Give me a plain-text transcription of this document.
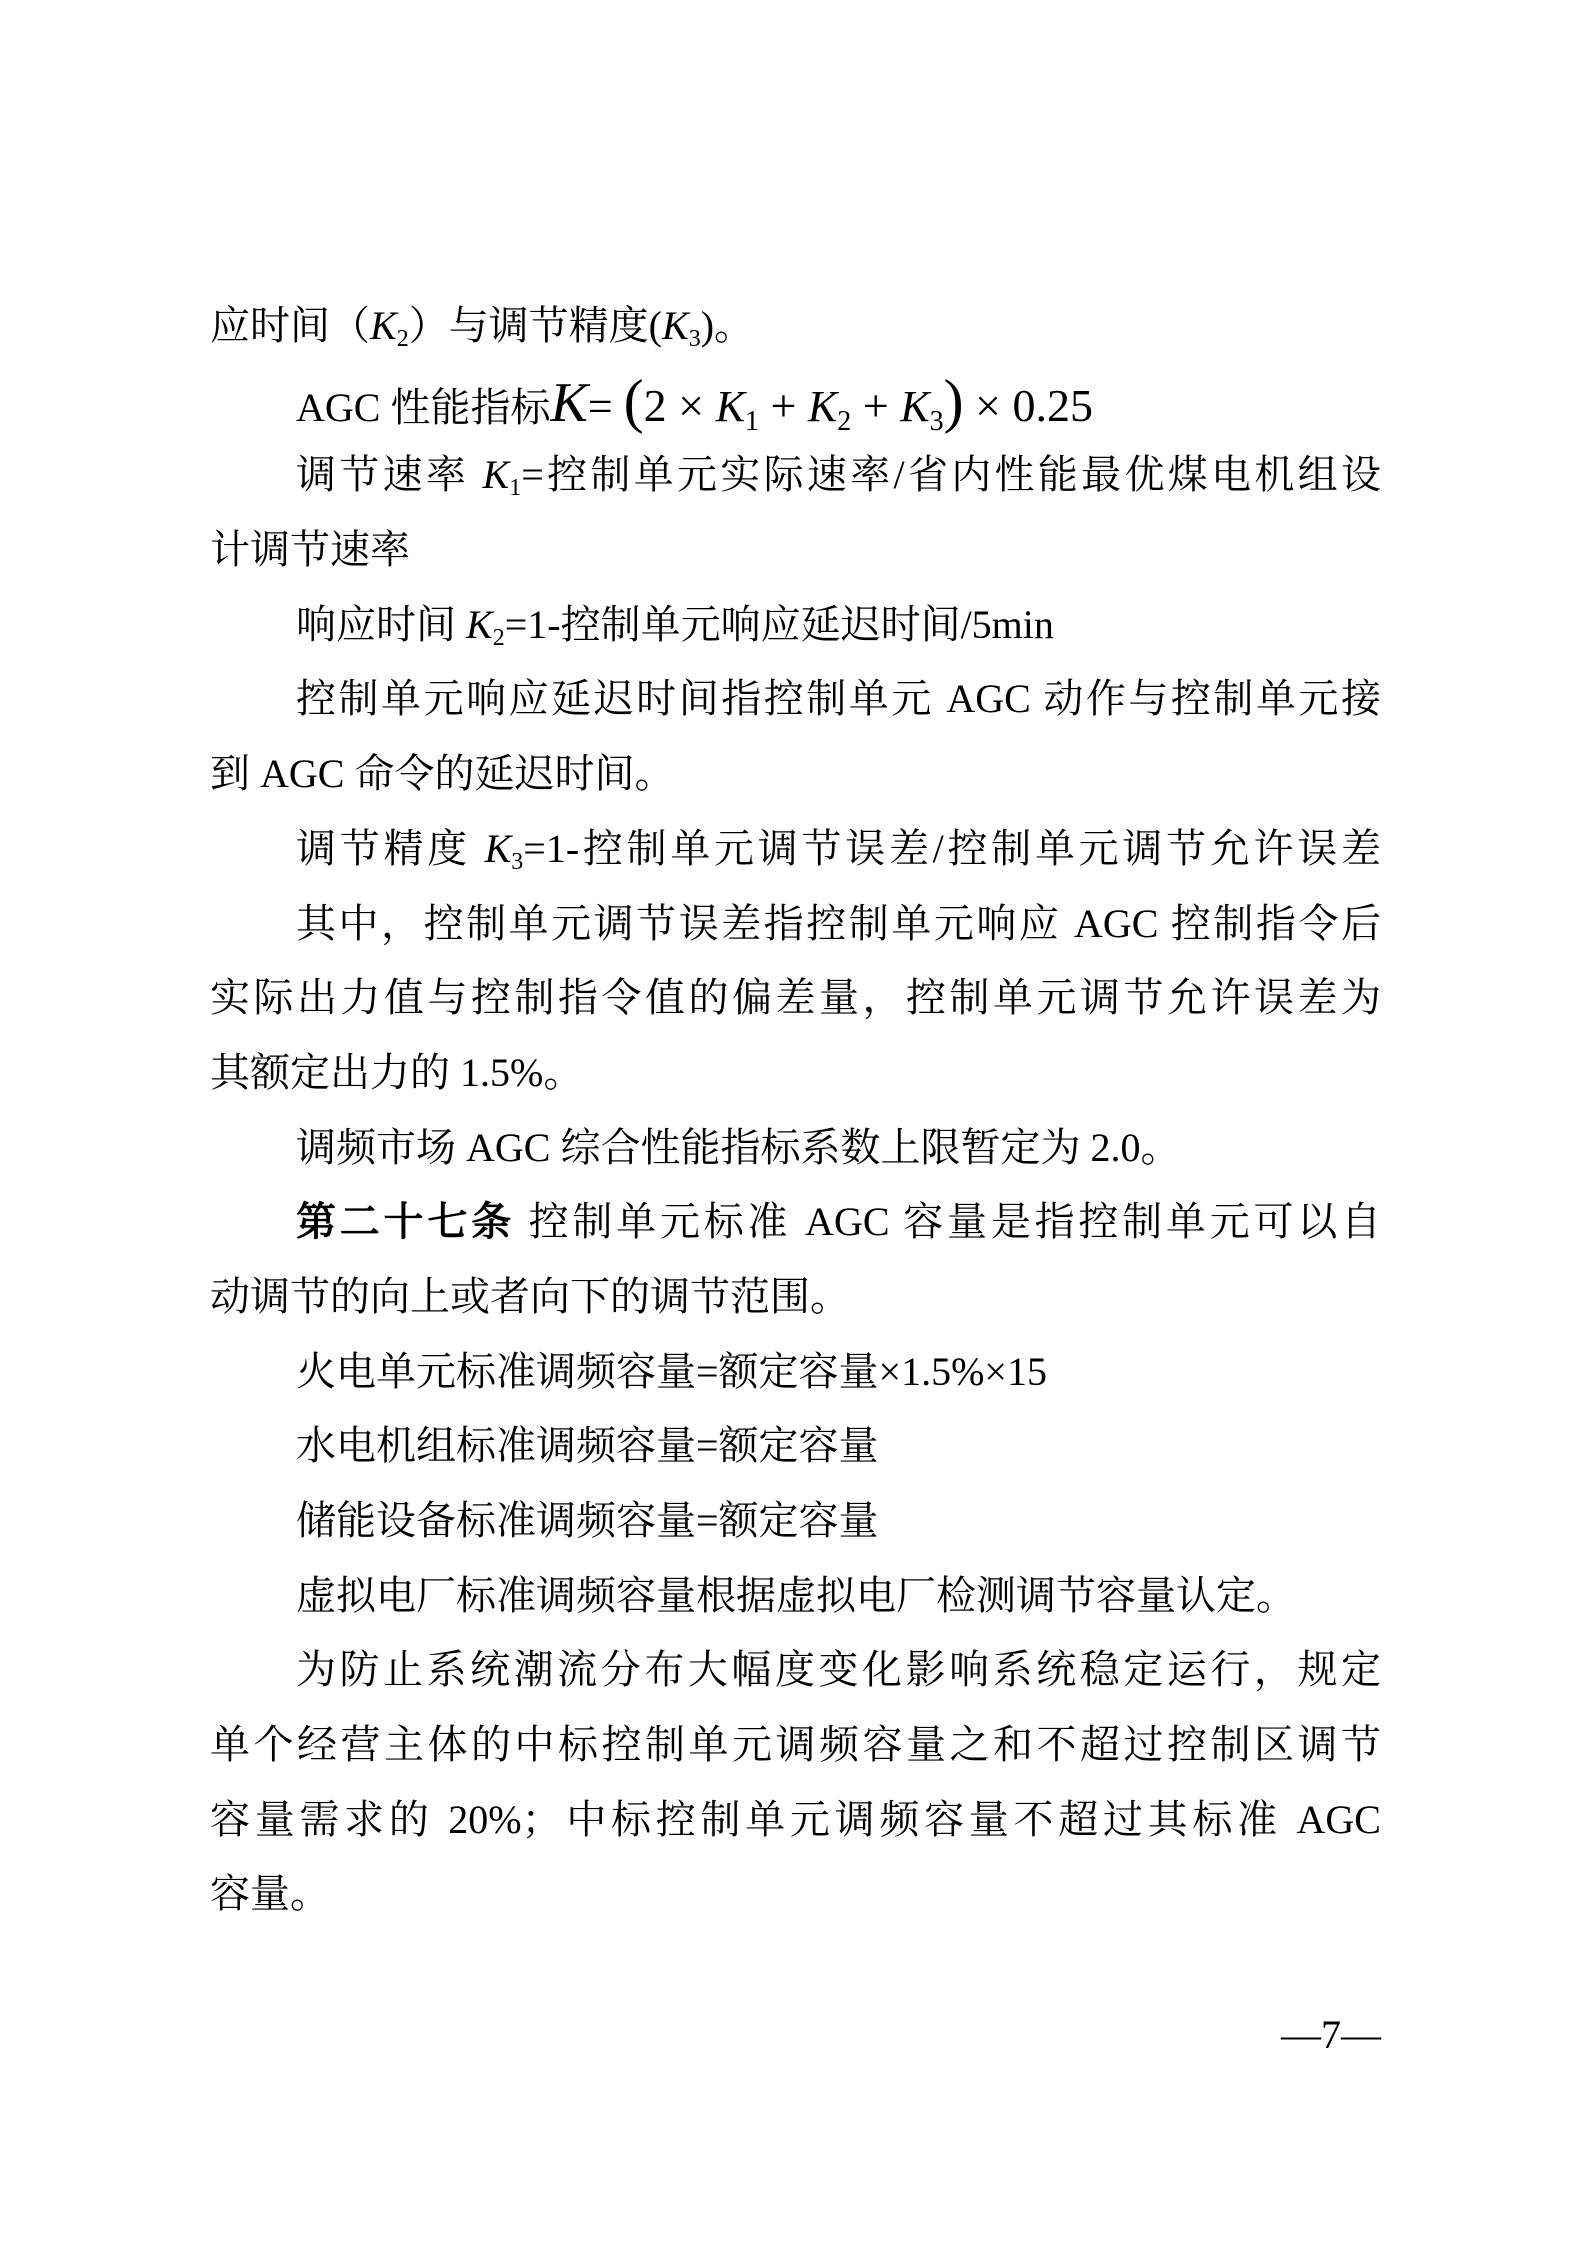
应时间（K2）与调节精度(K3)。
AGC 性能指标$K= (2 \times K_1 + K_2 + K_3) \times 0.25$
调节速率 K1=控制单元实际速率/省内性能最优煤电机组设
计调节速率
响应时间 K2=1-控制单元响应延迟时间/5min
控制单元响应延迟时间指控制单元 AGC 动作与控制单元接
到 AGC 命令的延迟时间。
调节精度 K3=1-控制单元调节误差/控制单元调节允许误差
其中，控制单元调节误差指控制单元响应 AGC 控制指令后
实际出力值与控制指令值的偏差量，控制单元调节允许误差为
其额定出力的 1.5%。
调频市场 AGC 综合性能指标系数上限暂定为 2.0。
第二十七条 控制单元标准 AGC 容量是指控制单元可以自
动调节的向上或者向下的调节范围。
火电单元标准调频容量=额定容量×1.5%×15
水电机组标准调频容量=额定容量
储能设备标准调频容量=额定容量
虚拟电厂标准调频容量根据虚拟电厂检测调节容量认定。
为防止系统潮流分布大幅度变化影响系统稳定运行，规定
单个经营主体的中标控制单元调频容量之和不超过控制区调节
容量需求的 20%；中标控制单元调频容量不超过其标准 AGC
容量。
—7—
